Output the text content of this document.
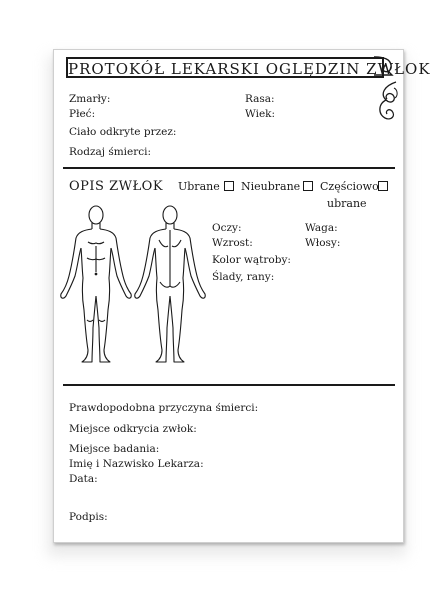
PROTOKÓŁ LEKARSKI OGLĘDZIN ZWŁOK
Zmarły:
Płeć:
Ciało odkryte przez:
Rodzaj śmierci:
Rasa:
Wiek:
OPIS ZWŁOK Ubrane Nieubrane Częściowo
ubrane
Oczy:	Waga:
Wzrost:	Włosy:
Kolor wątroby:
Ślady, rany:
Prawdopodobna przyczyna śmierci:
Miejsce odkrycia zwłok:
Miejsce badania:
Imię i Nazwisko Lekarza:
Data:
Podpis:
